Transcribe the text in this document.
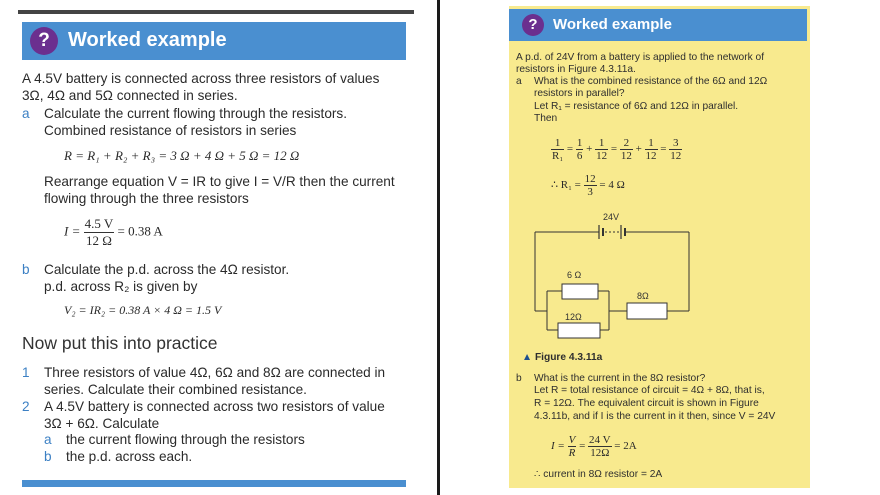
? Worked example
A 4.5V battery is connected across three resistors of values
3Ω, 4Ω and 5Ω connected in series.
a Calculate the current flowing through the resistors.
Combined resistance of resistors in series
R = R₁ + R₂ + R₃ = 3 Ω + 4 Ω + 5 Ω = 12 Ω
Rearrange equation V = IR to give I = V/R then the current
flowing through the three resistors
$I = \frac{4.5 V}{12 \Omega} = 0.38$ A
b Calculate the p.d. across the 4Ω resistor.
p.d. across R₂ is given by
V₂ = IR₂ = 0.38 A × 4 Ω = 1.5 V
Now put this into practice
1 Three resistors of value 4Ω, 6Ω and 8Ω are connected in
series. Calculate their combined resistance.
2 A 4.5V battery is connected across two resistors of value
3Ω + 6Ω. Calculate
a the current flowing through the resistors
b the p.d. across each.
?	Worked example
A p.d. of 24V from a battery is applied to the network of
resistors in Figure 4.3.11a.
a What is the combined resistance of the 6Ω and 12Ω
resistors in parallel?
Let R₁ = resistance of 6Ω and 12Ω in parallel.
Then
$\frac{1}{\text{R₁}} = \frac{1}{6} + \frac{1}{12} = \frac{2}{12} + \frac{1}{12} = \frac{3}{12}$
∴ $R_1 = \frac{12}{3} = 4$ Ω
24V
6 Ω
12Ω
8Ω
▲ Figure 4.3.11a
b What is the current in the 8Ω resistor?
Let R = total resistance of circuit = 4Ω + 8Ω, that is,
R = 12Ω. The equivalent circuit is shown in Figure
4.3.11b, and if I is the current in it then, since V = 24V
$I = \frac{V}{R} = \frac{24 V}{12\Omega} = 2A$
∴ current in 8Ω resistor = 2A
